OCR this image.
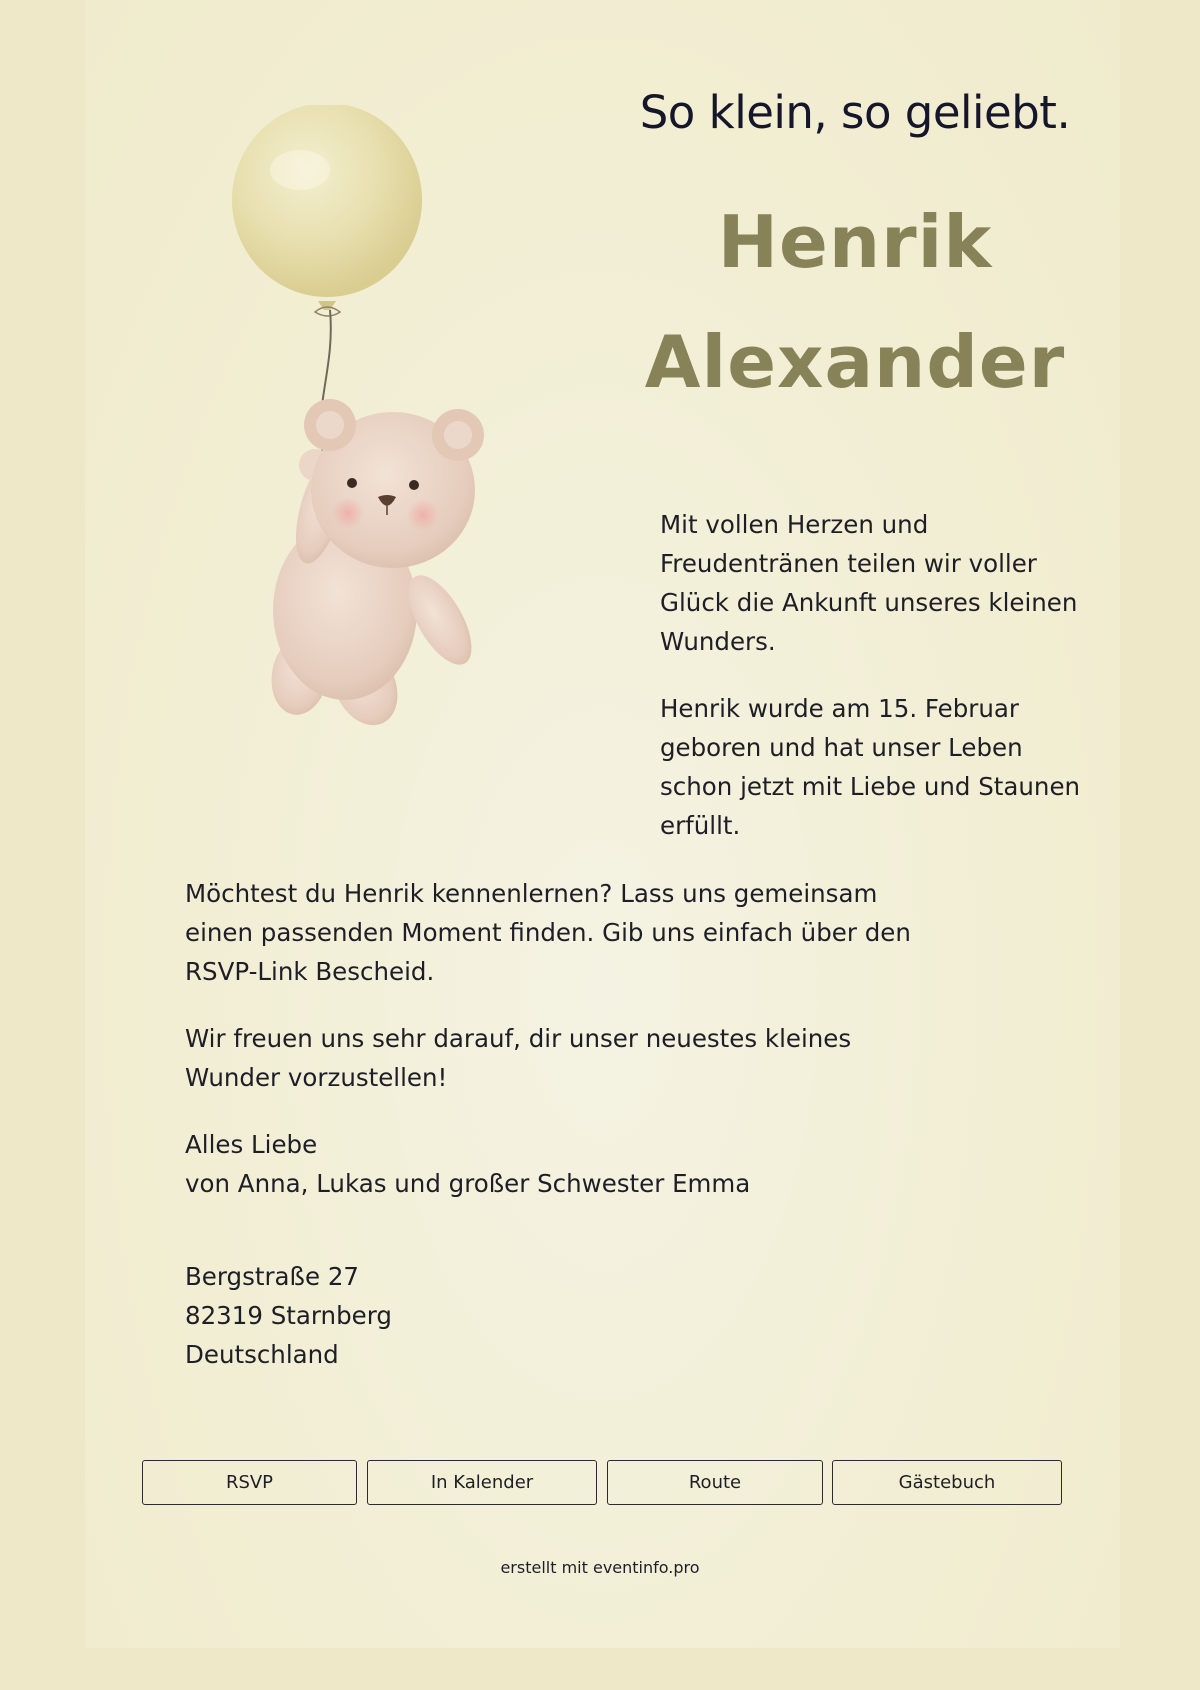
So klein, so geliebt.
Henrik
Alexander

Mit vollen Herzen und Freudentränen teilen wir voller Glück die Ankunft unseres kleinen Wunders.

Henrik wurde am 15. Februar geboren und hat unser Leben schon jetzt mit Liebe und Staunen erfüllt.

Möchtest du Henrik kennenlernen? Lass uns gemeinsam einen passenden Moment finden. Gib uns einfach über den RSVP-Link Bescheid.

Wir freuen uns sehr darauf, dir unser neuestes kleines Wunder vorzustellen!

Alles Liebe
von Anna, Lukas und großer Schwester Emma

Bergstraße 27
82319 Starnberg
Deutschland
RSVP	In Kalender	Route	Gästebuch
erstellt mit eventinfo.pro
